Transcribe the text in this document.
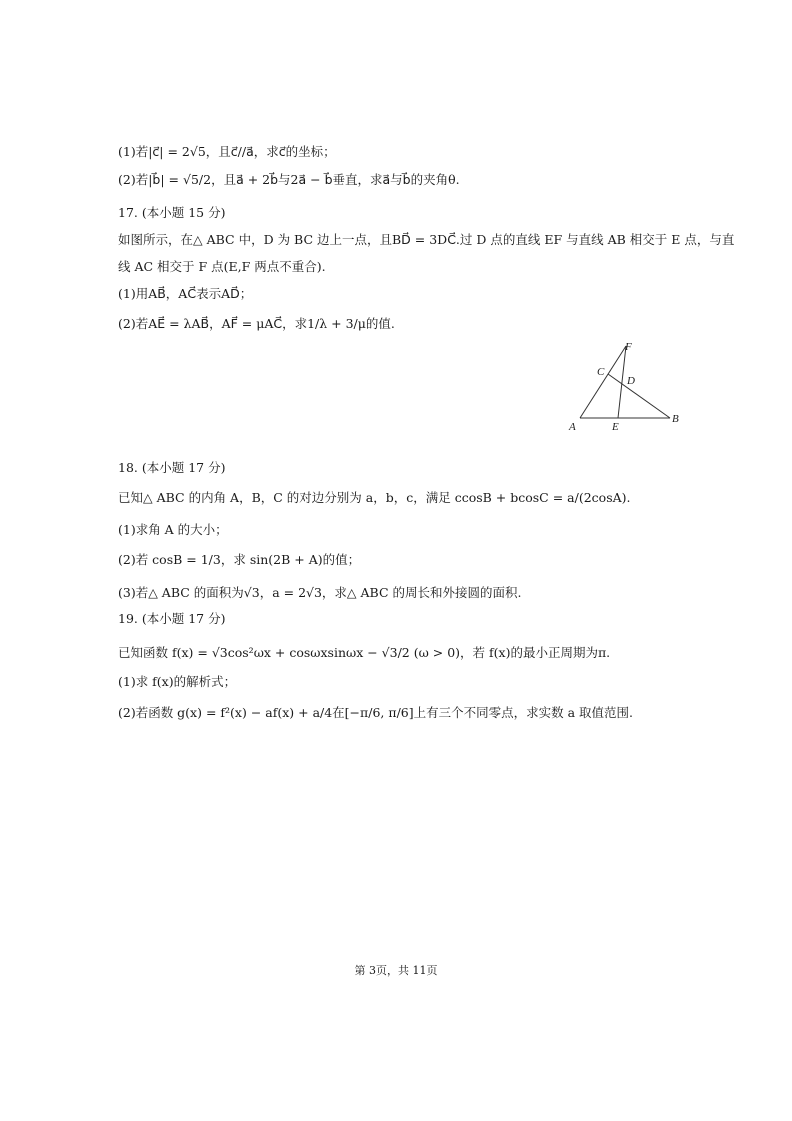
(1)若|c⃗| = 2√5，且c⃗//a⃗，求c⃗的坐标；
(2)若|b⃗| = √5/2，且a⃗ + 2b⃗与2a⃗ − b⃗垂直，求a⃗与b⃗的夹角θ.
17. (本小题 15 分)
如图所示，在△ ABC 中，D 为 BC 边上一点，且BD⃗ = 3DC⃗.过 D 点的直线 EF 与直线 AB 相交于 E 点，与直
线 AC 相交于 F 点(E,F 两点不重合).
(1)用AB⃗，AC⃗表示AD⃗；
(2)若AE⃗ = λAB⃗，AF⃗ = μAC⃗，求1/λ + 3/μ的值.
A
B
C
D
E
F
18. (本小题 17 分)
已知△ ABC 的内角 A，B，C 的对边分别为 a，b，c，满足 ccosB + bcosC = a/(2cosA).
(1)求角 A 的大小；
(2)若 cosB = 1/3，求 sin(2B + A)的值；
(3)若△ ABC 的面积为√3，a = 2√3，求△ ABC 的周长和外接圆的面积.
19. (本小题 17 分)
已知函数 f(x) = √3cos²ωx + cosωxsinωx − √3/2 (ω > 0)，若 f(x)的最小正周期为π.
(1)求 f(x)的解析式；
(2)若函数 g(x) = f²(x) − af(x) + a/4在[−π/6, π/6]上有三个不同零点，求实数 a 取值范围.
第 3页，共 11页
